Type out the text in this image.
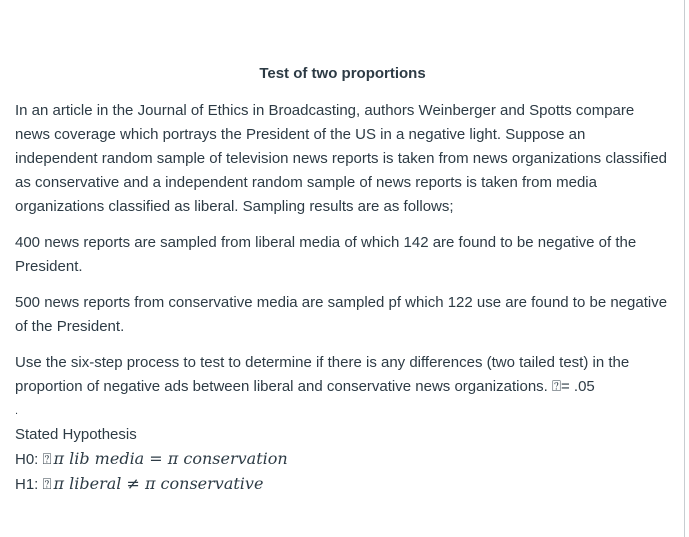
Test of two proportions

In an article in the Journal of Ethics in Broadcasting, authors Weinberger and Spotts compare news coverage which portrays the President of the US in a negative light. Suppose an independent random sample of television news reports is taken from news organizations classified as conservative and a independent random sample of news reports is taken from media organizations classified as liberal. Sampling results are as follows;

400 news reports are sampled from liberal media of which 142 are found to be negative of the President.

500 news reports from conservative media are sampled pf which 122 use are found to be negative of the President.

Use the six-step process to test to determine if there is any differences (two tailed test) in the proportion of negative ads between liberal and conservative news organizations. ⍰= .05

.
Stated Hypothesis
H0: ⍰ π lib media = π conservation
H1: ⍰ π liberal ≠ π conservative
